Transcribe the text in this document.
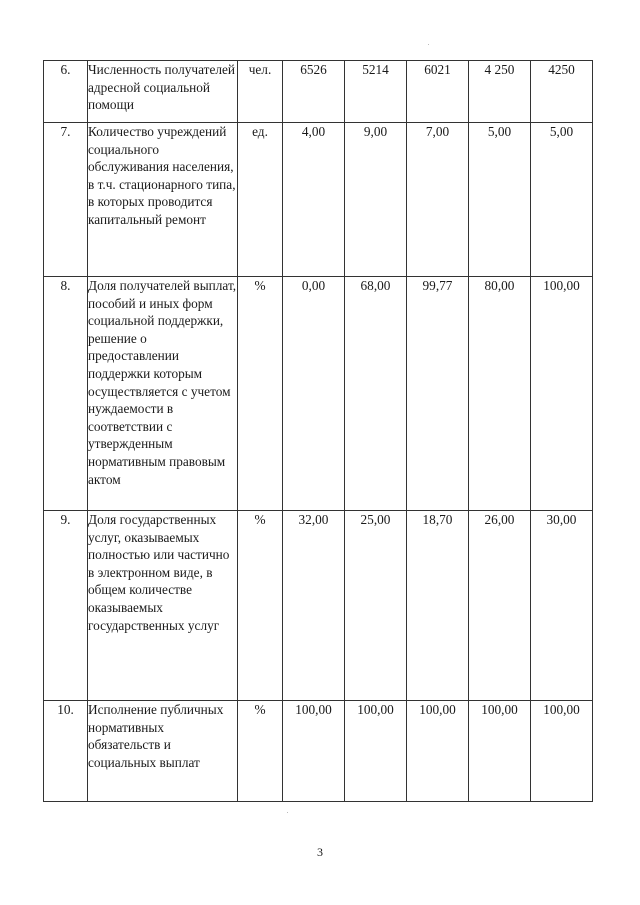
6.	Численность получателей адресной социальной помощи	чел.	6526	5214	6021	4 250	4250
7.	Количество учреждений социального обслуживания населения, в т.ч. стационарного типа, в которых проводится капитальный ремонт	ед.	4,00	9,00	7,00	5,00	5,00
8.	Доля получателей выплат, пособий и иных форм социальной поддержки, решение о предоставлении поддержки которым осуществляется с учетом нуждаемости в соответствии с утвержденным нормативным правовым актом	%	0,00	68,00	99,77	80,00	100,00
9.	Доля государственных услуг, оказываемых полностью или частично в электронном виде, в общем количестве оказываемых государственных услуг	%	32,00	25,00	18,70	26,00	30,00
10.	Исполнение публичных нормативных обязательств и социальных выплат	%	100,00	100,00	100,00	100,00	100,00
3
